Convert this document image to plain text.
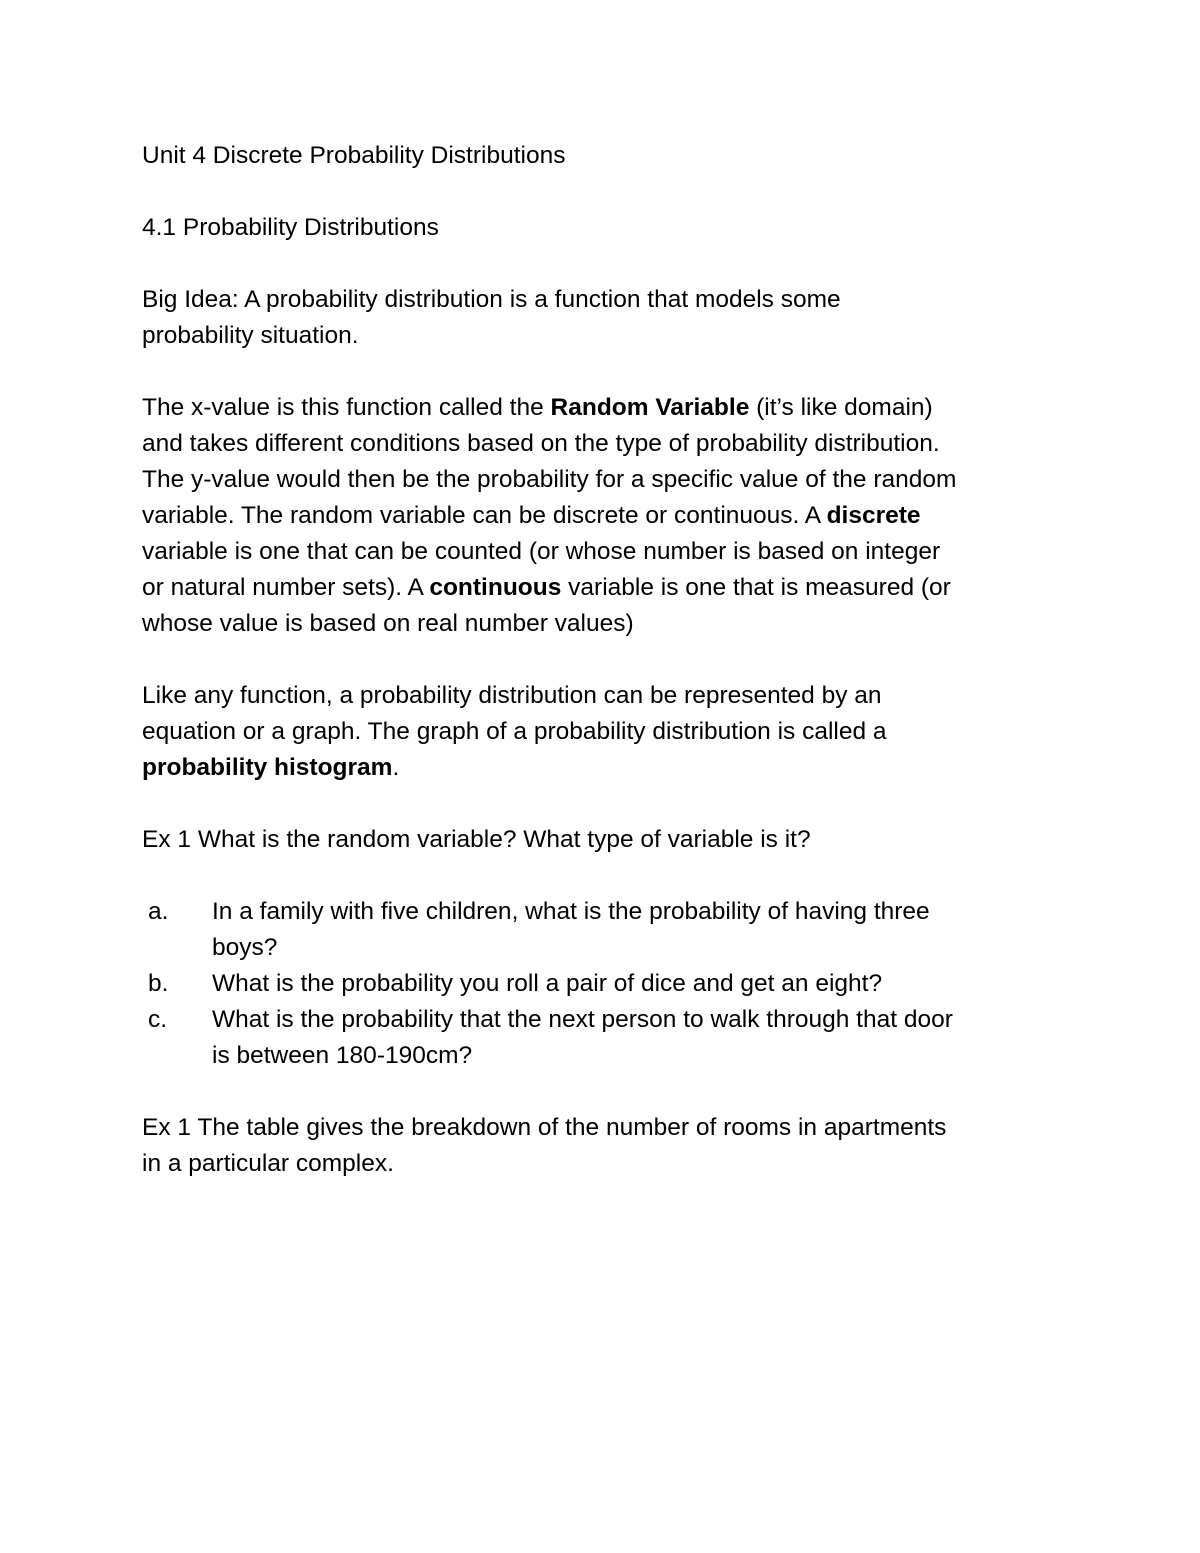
Unit 4 Discrete Probability Distributions

4.1 Probability Distributions

Big Idea: A probability distribution is a function that models some
probability situation.

The x-value is this function called the Random Variable (it’s like domain)
and takes different conditions based on the type of probability distribution.
The y-value would then be the probability for a specific value of the random
variable. The random variable can be discrete or continuous. A discrete
variable is one that can be counted (or whose number is based on integer
or natural number sets). A continuous variable is one that is measured (or
whose value is based on real number values)

Like any function, a probability distribution can be represented by an
equation or a graph. The graph of a probability distribution is called a
probability histogram.

Ex 1 What is the random variable? What type of variable is it?

a. In a family with five children, what is the probability of having three
boys?
b. What is the probability you roll a pair of dice and get an eight?
c. What is the probability that the next person to walk through that door
is between 180-190cm?

Ex 1 The table gives the breakdown of the number of rooms in apartments
in a particular complex.
